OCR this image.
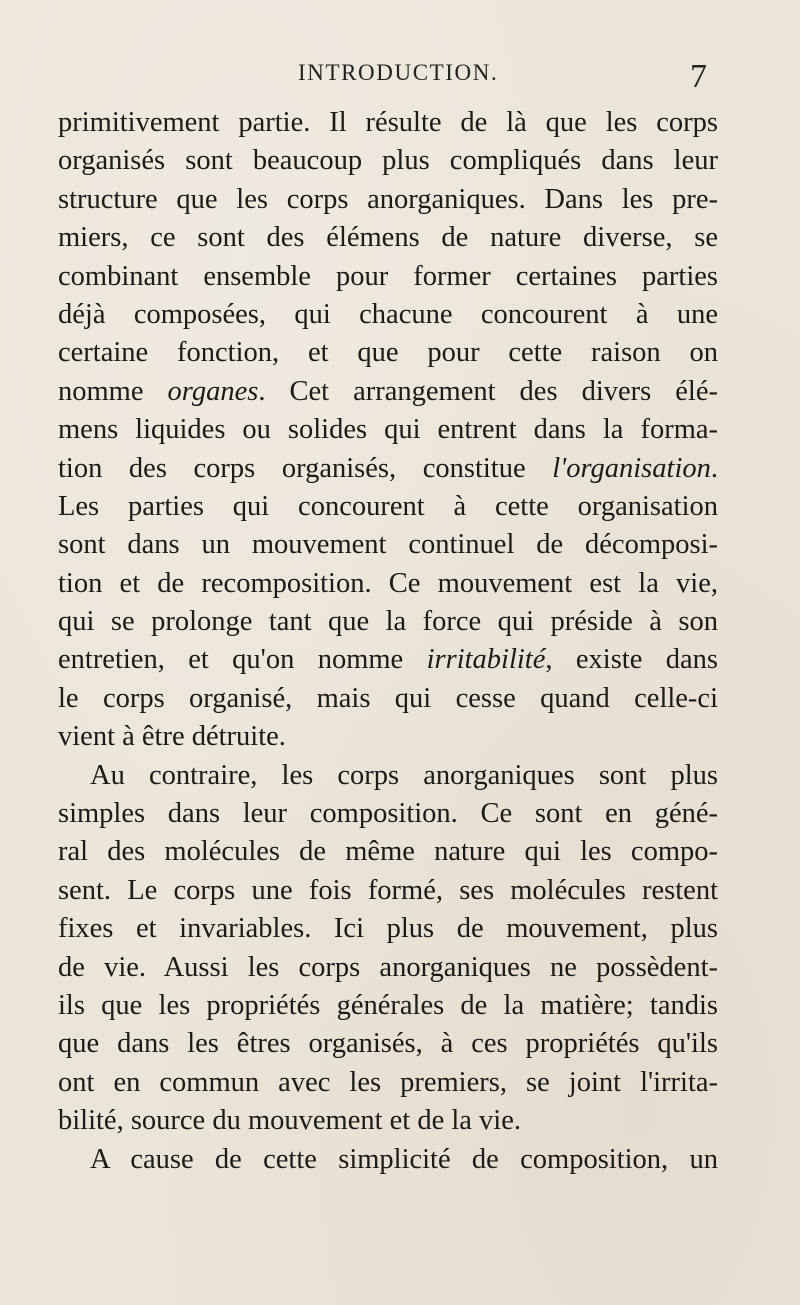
INTRODUCTION.	7
primitivement partie. Il résulte de là que les corps
organisés sont beaucoup plus compliqués dans leur
structure que les corps anorganiques. Dans les pre-
miers, ce sont des élémens de nature diverse, se
combinant ensemble pour former certaines parties
déjà composées, qui chacune concourent à une
certaine fonction, et que pour cette raison on
nomme organes. Cet arrangement des divers élé-
mens liquides ou solides qui entrent dans la forma-
tion des corps organisés, constitue l'organisation.
Les parties qui concourent à cette organisation
sont dans un mouvement continuel de décomposi-
tion et de recomposition. Ce mouvement est la vie,
qui se prolonge tant que la force qui préside à son
entretien, et qu'on nomme irritabilité, existe dans
le corps organisé, mais qui cesse quand celle-ci
vient à être détruite.
Au contraire, les corps anorganiques sont plus
simples dans leur composition. Ce sont en géné-
ral des molécules de même nature qui les compo-
sent. Le corps une fois formé, ses molécules restent
fixes et invariables. Ici plus de mouvement, plus
de vie. Aussi les corps anorganiques ne possèdent-
ils que les propriétés générales de la matière; tandis
que dans les êtres organisés, à ces propriétés qu'ils
ont en commun avec les premiers, se joint l'irrita-
bilité, source du mouvement et de la vie.
A cause de cette simplicité de composition, un
